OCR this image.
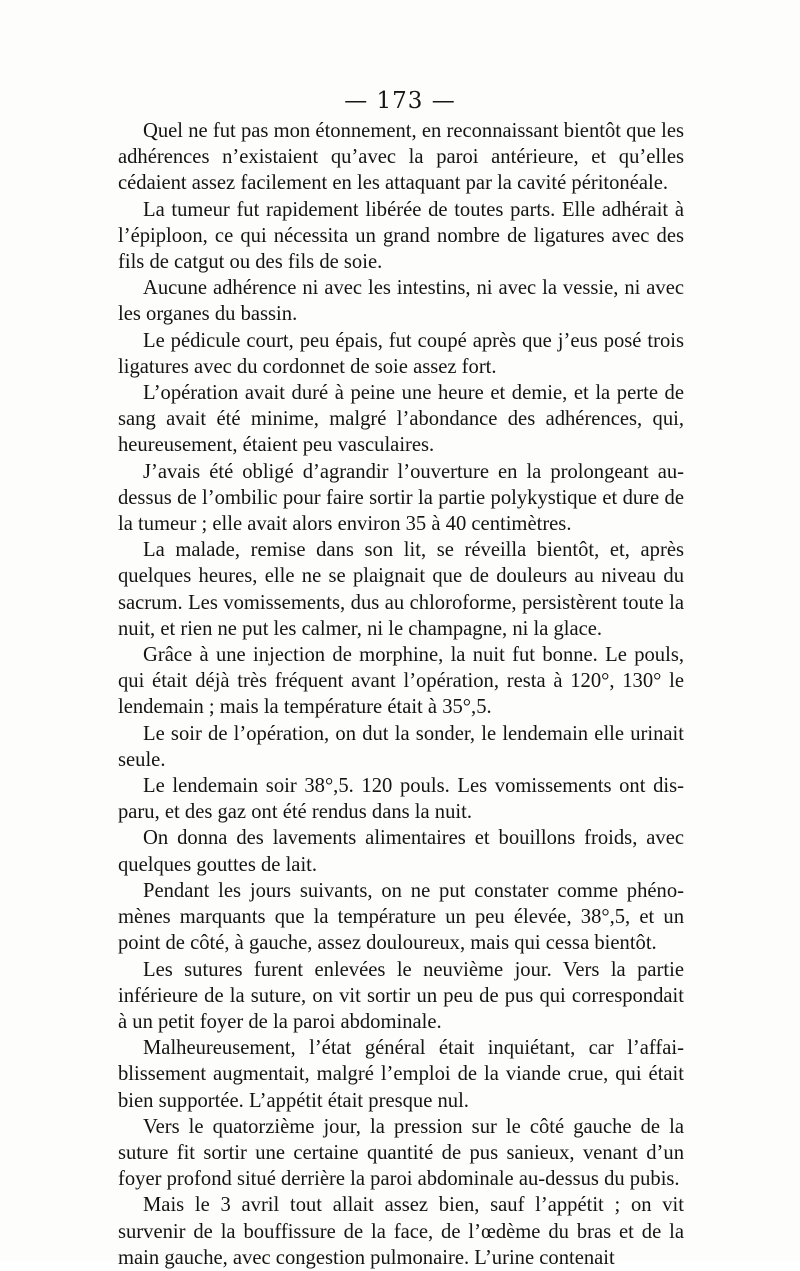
— 173 —

Quel ne fut pas mon étonnement, en reconnaissant bientôt que les adhérences n’existaient qu’avec la paroi antérieure, et qu’elles cédaient assez facilement en les attaquant par la cavité péritonéale.

La tumeur fut rapidement libérée de toutes parts. Elle adhérait à l’épiploon, ce qui nécessita un grand nombre de ligatures avec des fils de catgut ou des fils de soie.

Aucune adhérence ni avec les intestins, ni avec la vessie, ni avec les organes du bassin.

Le pédicule court, peu épais, fut coupé après que j’eus posé trois ligatures avec du cordonnet de soie assez fort.

L’opération avait duré à peine une heure et demie, et la perte de sang avait été minime, malgré l’abondance des adhérences, qui, heureusement, étaient peu vasculaires.

J’avais été obligé d’agrandir l’ouverture en la prolongeant au-dessus de l’ombilic pour faire sortir la partie polykystique et dure de la tumeur ; elle avait alors environ 35 à 40 centimètres.

La malade, remise dans son lit, se réveilla bientôt, et, après quelques heures, elle ne se plaignait que de douleurs au niveau du sacrum. Les vomissements, dus au chloroforme, persistèrent toute la nuit, et rien ne put les calmer, ni le champagne, ni la glace.

Grâce à une injection de morphine, la nuit fut bonne. Le pouls, qui était déjà très fréquent avant l’opération, resta à 120°, 130° le lendemain ; mais la température était à 35°,5.

Le soir de l’opération, on dut la sonder, le lendemain elle urinait seule.

Le lendemain soir 38°,5. 120 pouls. Les vomissements ont disparu, et des gaz ont été rendus dans la nuit.

On donna des lavements alimentaires et bouillons froids, avec quelques gouttes de lait.

Pendant les jours suivants, on ne put constater comme phénomènes marquants que la température un peu élevée, 38°,5, et un point de côté, à gauche, assez douloureux, mais qui cessa bientôt.

Les sutures furent enlevées le neuvième jour. Vers la partie inférieure de la suture, on vit sortir un peu de pus qui correspondait à un petit foyer de la paroi abdominale.

Malheureusement, l’état général était inquiétant, car l’affaiblissement augmentait, malgré l’emploi de la viande crue, qui était bien supportée. L’appétit était presque nul.

Vers le quatorzième jour, la pression sur le côté gauche de la suture fit sortir une certaine quantité de pus sanieux, venant d’un foyer profond situé derrière la paroi abdominale au-dessus du pubis.

Mais le 3 avril tout allait assez bien, sauf l’appétit ; on vit survenir de la bouffissure de la face, de l’œdème du bras et de la main gauche, avec congestion pulmonaire. L’urine contenait
